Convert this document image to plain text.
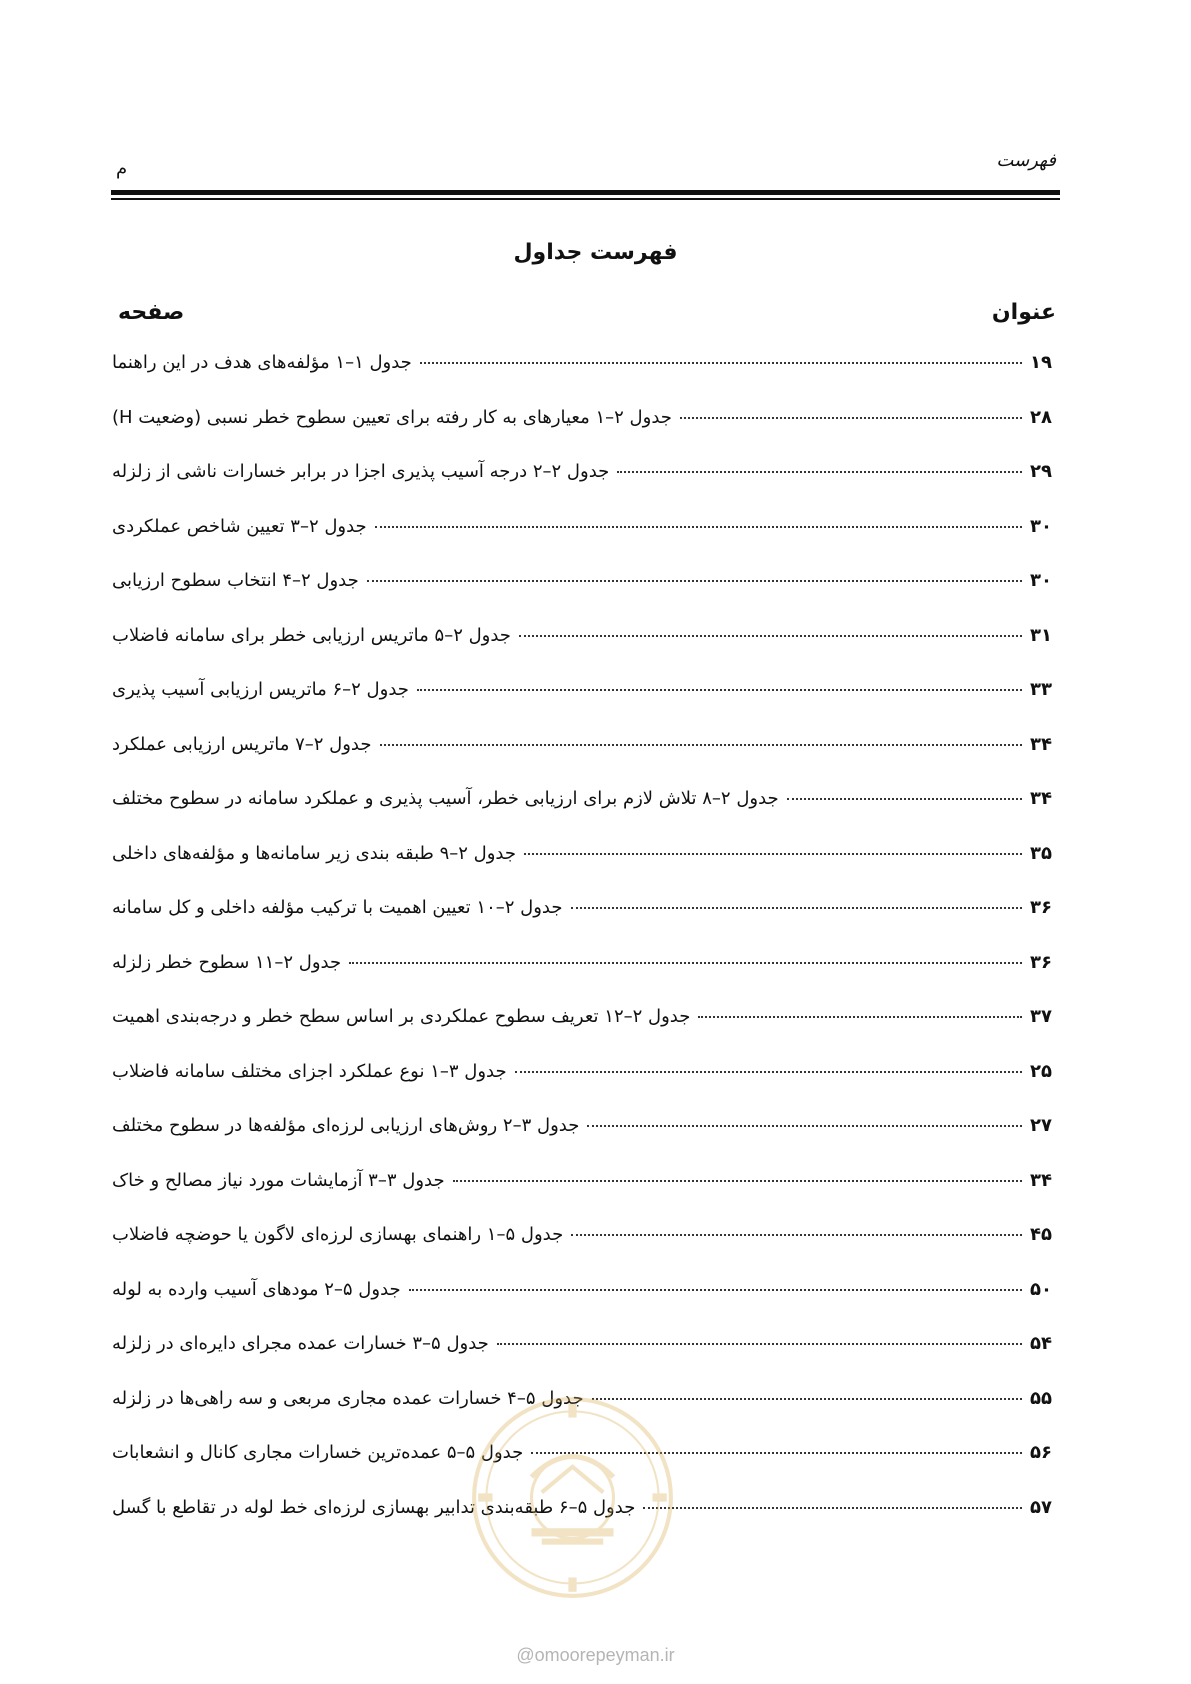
فهرست
م
فهرست جداول
عنوان
صفحه
جدول ۱–۱ مؤلفه‌های هدف در این راهنما	۱۹
جدول ۲–۱ معیارهای به کار رفته برای تعیین سطوح خطر نسبی (وضعیت H)	۲۸
جدول ۲–۲ درجه آسیب پذیری اجزا در برابر خسارات ناشی از زلزله	۲۹
جدول ۲–۳ تعیین شاخص عملکردی	۳۰
جدول ۲–۴ انتخاب سطوح ارزیابی	۳۰
جدول ۲–۵ ماتریس ارزیابی خطر برای سامانه فاضلاب	۳۱
جدول ۲–۶ ماتریس ارزیابی آسیب پذیری	۳۳
جدول ۲–۷ ماتریس ارزیابی عملکرد	۳۴
جدول ۲–۸ تلاش لازم برای ارزیابی خطر، آسیب پذیری و عملکرد سامانه در سطوح مختلف	۳۴
جدول ۲–۹ طبقه بندی زیر سامانه‌ها و مؤلفه‌های داخلی	۳۵
جدول ۲–۱۰ تعیین اهمیت با ترکیب مؤلفه داخلی و کل سامانه	۳۶
جدول ۲–۱۱ سطوح خطر زلزله	۳۶
جدول ۲–۱۲ تعریف سطوح عملکردی بر اساس سطح خطر و درجه‌بندی اهمیت	۳۷
جدول ۳–۱ نوع عملکرد اجزای مختلف سامانه فاضلاب	۲۵
جدول ۳–۲ روش‌های ارزیابی لرزه‌ای مؤلفه‌ها در سطوح مختلف	۲۷
جدول ۳–۳ آزمایشات مورد نیاز مصالح و خاک	۳۴
جدول ۵–۱ راهنمای بهسازی لرزه‌ای لاگون یا حوضچه فاضلاب	۴۵
جدول ۵–۲ مودهای آسیب وارده به لوله	۵۰
جدول ۵–۳ خسارات عمده مجرای دایره‌ای در زلزله	۵۴
جدول ۵–۴ خسارات عمده مجاری مربعی و سه راهی‌ها در زلزله	۵۵
جدول ۵–۵ عمده‌ترین خسارات مجاری کانال و انشعابات	۵۶
جدول ۵–۶ طبقه‌بندی تدابیر بهسازی لرزه‌ای خط لوله در تقاطع با گسل	۵۷
@omoorepeyman.ir
